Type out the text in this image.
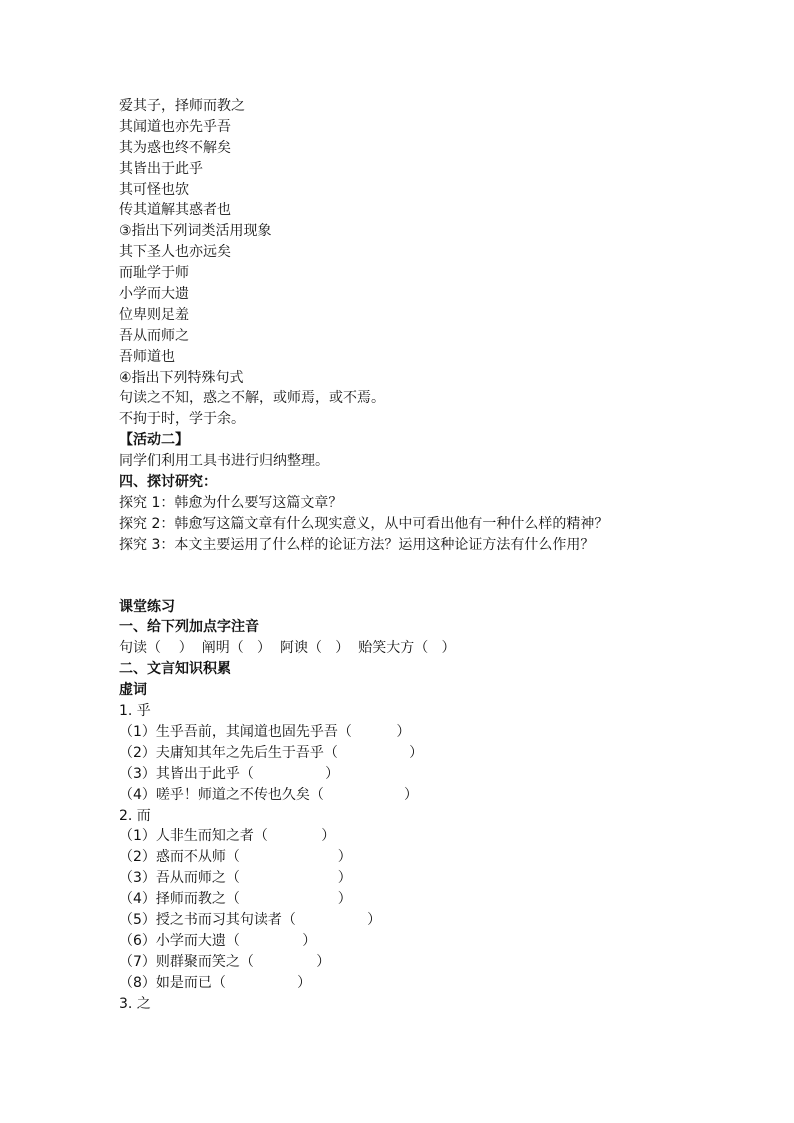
爱其子，择师而教之
其闻道也亦先乎吾
其为惑也终不解矣
其皆出于此乎
其可怪也欤
传其道解其惑者也
③指出下列词类活用现象
其下圣人也亦远矣
而耻学于师
小学而大遗
位卑则足羞
吾从而师之
吾师道也
④指出下列特殊句式
句读之不知，惑之不解，或师焉，或不焉。
不拘于时，学于余。
【活动二】
同学们利用工具书进行归纳整理。
四、探讨研究：
探究 1：韩愈为什么要写这篇文章？
探究 2：韩愈写这篇文章有什么现实意义，从中可看出他有一种什么样的精神？
探究 3：本文主要运用了什么样的论证方法？运用这种论证方法有什么作用？
课堂练习
一、给下列加点字注音
句读（    ）  阐明（   ）  阿谀（   ）  贻笑大方（   ）
二、文言知识积累
虚词
1. 乎
（1）生乎吾前，其闻道也固先乎吾（          ）
（2）夫庸知其年之先后生于吾乎（                ）
（3）其皆出于此乎（                ）
（4）嗟乎！师道之不传也久矣（                  ）
2. 而
（1）人非生而知之者（            ）
（2）惑而不从师（                      ）
（3）吾从而师之（                      ）
（4）择师而教之（                      ）
（5）授之书而习其句读者（                ）
（6）小学而大遗（              ）
（7）则群聚而笑之（              ）
（8）如是而已（                ）
3. 之
